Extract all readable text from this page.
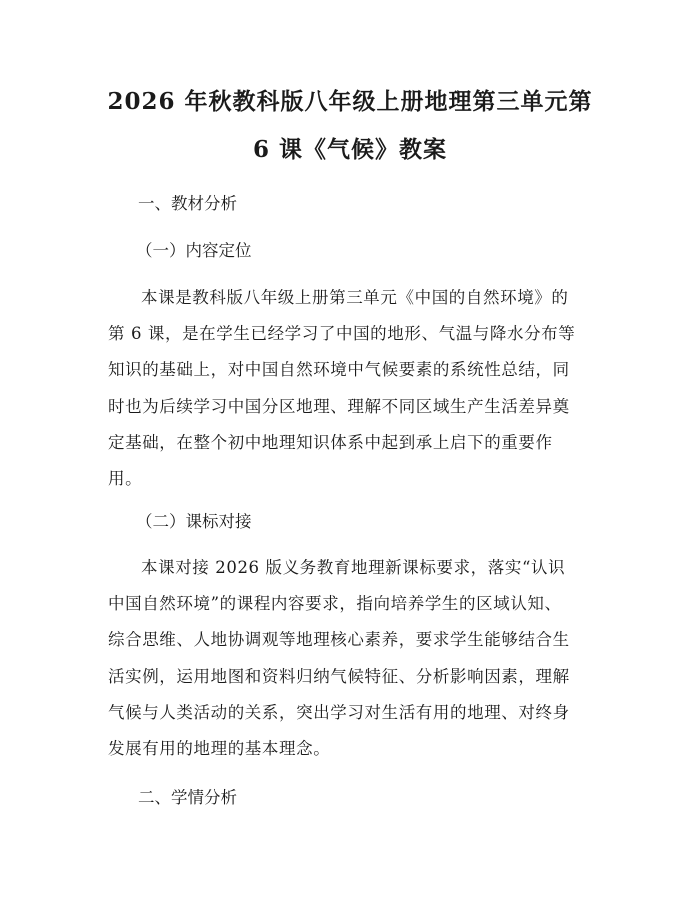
2026 年秋教科版八年级上册地理第三单元第
6 课《气候》教案
一、教材分析
（一）内容定位
本课是教科版八年级上册第三单元《中国的自然环境》的
第 6 课，是在学生已经学习了中国的地形、气温与降水分布等
知识的基础上，对中国自然环境中气候要素的系统性总结，同
时也为后续学习中国分区地理、理解不同区域生产生活差异奠
定基础，在整个初中地理知识体系中起到承上启下的重要作
用。
（二）课标对接
本课对接 2026 版义务教育地理新课标要求，落实“认识
中国自然环境”的课程内容要求，指向培养学生的区域认知、
综合思维、人地协调观等地理核心素养，要求学生能够结合生
活实例，运用地图和资料归纳气候特征、分析影响因素，理解
气候与人类活动的关系，突出学习对生活有用的地理、对终身
发展有用的地理的基本理念。
二、学情分析
